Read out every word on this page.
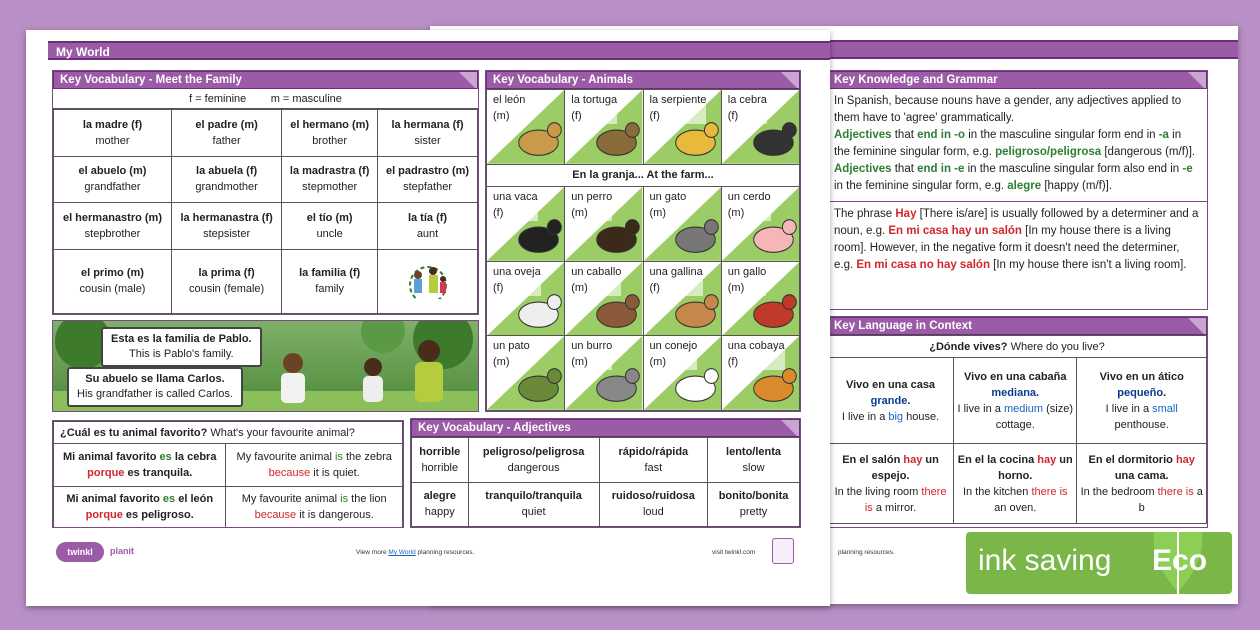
Key Knowledge and Grammar
In Spanish, because nouns have a gender, any adjectives applied to them have to 'agree' grammatically.
Adjectives that end in -o in the masculine singular form end in -a in the feminine singular form, e.g. peligroso/peligrosa [dangerous (m/f)].
Adjectives that end in -e in the masculine singular form also end in -e in the feminine singular form, e.g. alegre [happy (m/f)].
The phrase Hay [There is/are] is usually followed by a determiner and a noun, e.g. En mi casa hay un salón [In my house there is a living room]. However, in the negative form it doesn't need the determiner, e.g. En mi casa no hay salón [In my house there isn't a living room].
Key Language in Context
¿Dónde vives? Where do you live?		
Vivo en una casa grande.
I live in a big house.	Vivo en una cabaña mediana.
I live in a medium (size) cottage.	Vivo en un ático pequeño.
I live in a small penthouse.
En el salón hay un espejo.
In the living room there is a mirror.	En el la cocina hay un horno.
In the kitchen there is an oven.	En el dormitorio hay una cama.
In the bedroom there is a b
planning resources.
My World
Key Vocabulary - Meet the Family
f = feminine        m = masculine
la madre (f)
mother	el padre (m)
father	el hermano (m)
brother	la hermana (f)
sister
el abuelo (m)
grandfather	la abuela (f)
grandmother	la madrastra (f)
stepmother	el padrastro (m)
stepfather
el hermanastro (m)
stepbrother	la hermanastra (f)
stepsister	el tío (m)
uncle	la tía (f)
aunt
el primo (m)
cousin (male)	la prima (f)
cousin (female)	la familia (f)
family	
Esta es la familia de Pablo.
This is Pablo's family.
Su abuelo se llama Carlos.
His grandfather is called Carlos.
¿Cuál es tu animal favorito? What's your favourite animal?	
Mi animal favorito es la cebra porque es tranquila.	My favourite animal is the zebra because it is quiet.
Mi animal favorito es el león porque es peligroso.	My favourite animal is the lion because it is dangerous.
Key Vocabulary - Animals
el león
(m)	la tortuga
(f)	la serpiente
(f)	la cebra
(f)

En la granja... At the farm...			

una vaca
(f)	un perro
(m)	un gato
(m)	un cerdo
(m)

una oveja
(f)	un caballo
(m)	una gallina
(f)	un gallo
(m)

un pato
(m)	un burro
(m)	un conejo
(m)	una cobaya
(f)
Key Vocabulary - Adjectives
horrible
horrible	peligroso/peligrosa
dangerous	rápido/rápida
fast	lento/lenta
slow
alegre
happy	tranquilo/tranquila
quiet	ruidoso/ruidosa
loud	bonito/bonita
pretty
twinkl	planit	View more My World planning resources.	visit twinkl.com	ink saving Eco
